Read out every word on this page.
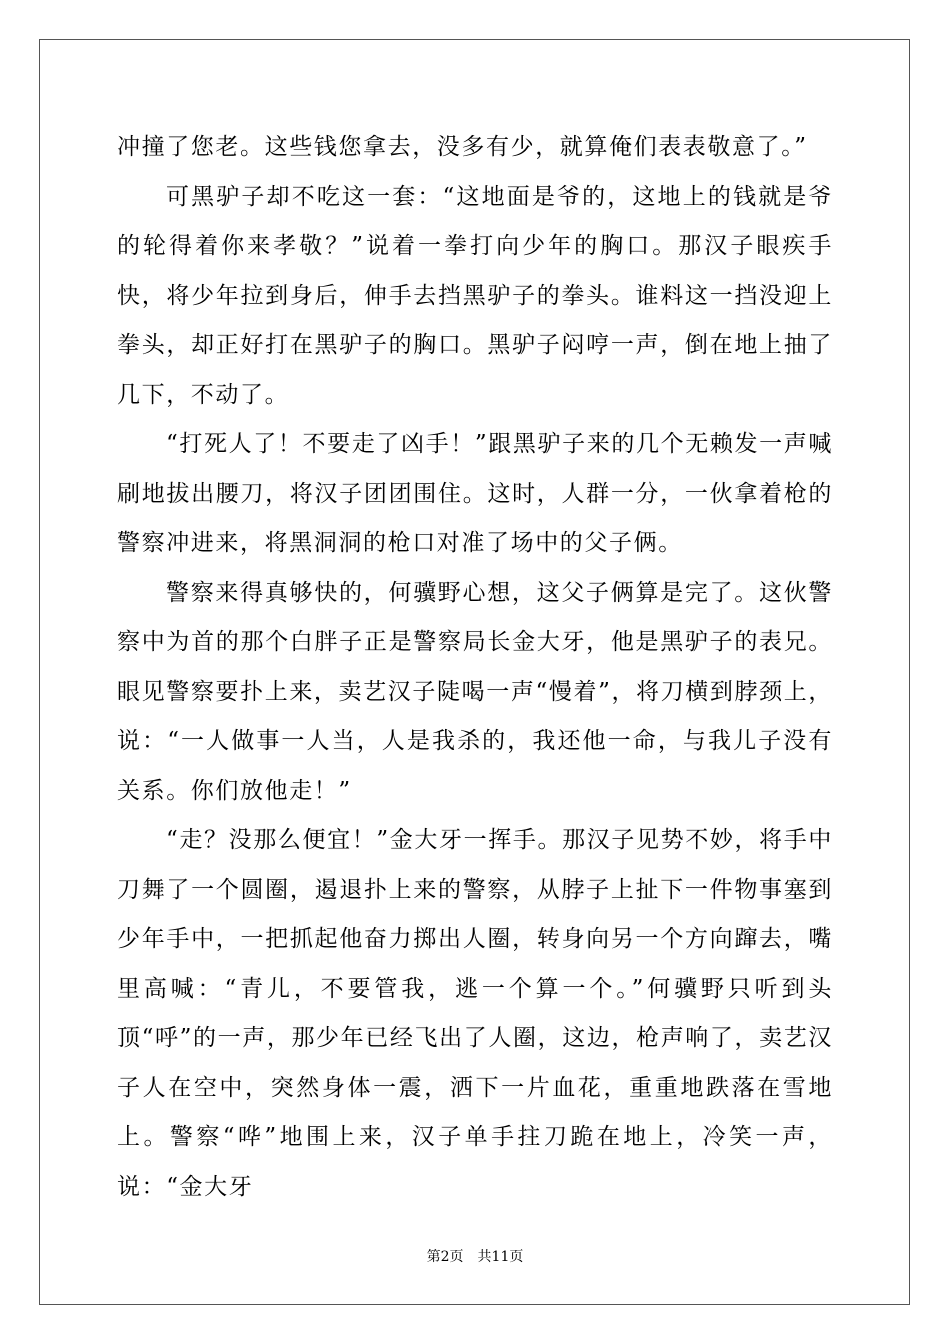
冲撞了您老。这些钱您拿去，没多有少，就算俺们表表敬意了。”

可黑驴子却不吃这一套：“这地面是爷的，这地上的钱就是爷的轮得着你来孝敬？”说着一拳打向少年的胸口。那汉子眼疾手快，将少年拉到身后，伸手去挡黑驴子的拳头。谁料这一挡没迎上拳头，却正好打在黑驴子的胸口。黑驴子闷哼一声，倒在地上抽了几下，不动了。

“打死人了！不要走了凶手！”跟黑驴子来的几个无赖发一声喊刷地拔出腰刀，将汉子团团围住。这时，人群一分，一伙拿着枪的警察冲进来，将黑洞洞的枪口对准了场中的父子俩。

警察来得真够快的，何骥野心想，这父子俩算是完了。这伙警察中为首的那个白胖子正是警察局长金大牙，他是黑驴子的表兄。眼见警察要扑上来，卖艺汉子陡喝一声“慢着”，将刀横到脖颈上，说：“一人做事一人当，人是我杀的，我还他一命，与我儿子没有关系。你们放他走！”

“走？没那么便宜！”金大牙一挥手。那汉子见势不妙，将手中刀舞了一个圆圈，遏退扑上来的警察，从脖子上扯下一件物事塞到少年手中，一把抓起他奋力掷出人圈，转身向另一个方向蹿去，嘴里高喊：“青儿，不要管我，逃一个算一个。”何骥野只听到头顶“呼”的一声，那少年已经飞出了人圈，这边，枪声响了，卖艺汉子人在空中，突然身体一震，洒下一片血花，重重地跌落在雪地上。警察“哗”地围上来，汉子单手拄刀跪在地上，冷笑一声，说：“金大牙

第2页 共11页
